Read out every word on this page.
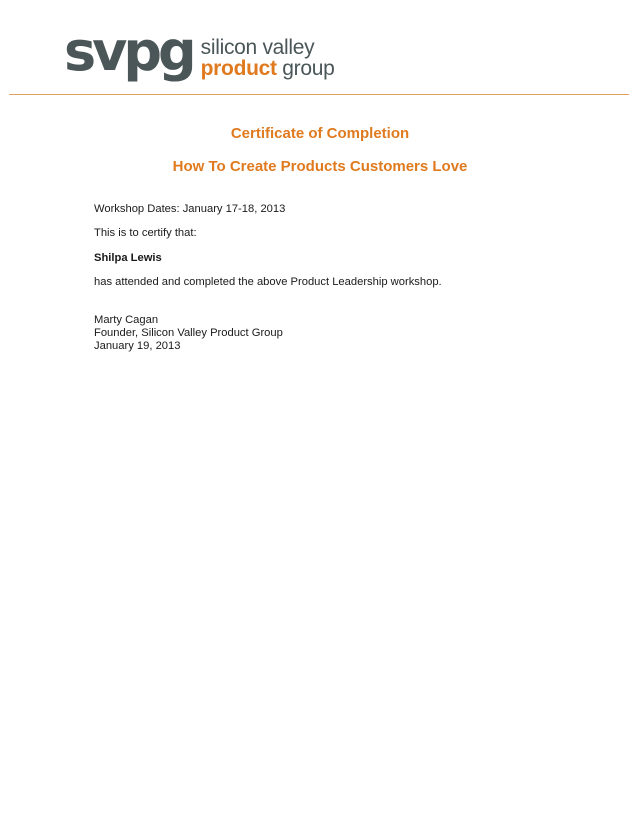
svpg silicon valley
product group
Certificate of Completion
How To Create Products Customers Love

Workshop Dates: January 17-18, 2013

This is to certify that:

Shilpa Lewis

has attended and completed the above Product Leadership workshop.

Marty Cagan

Founder, Silicon Valley Product Group

January 19, 2013
